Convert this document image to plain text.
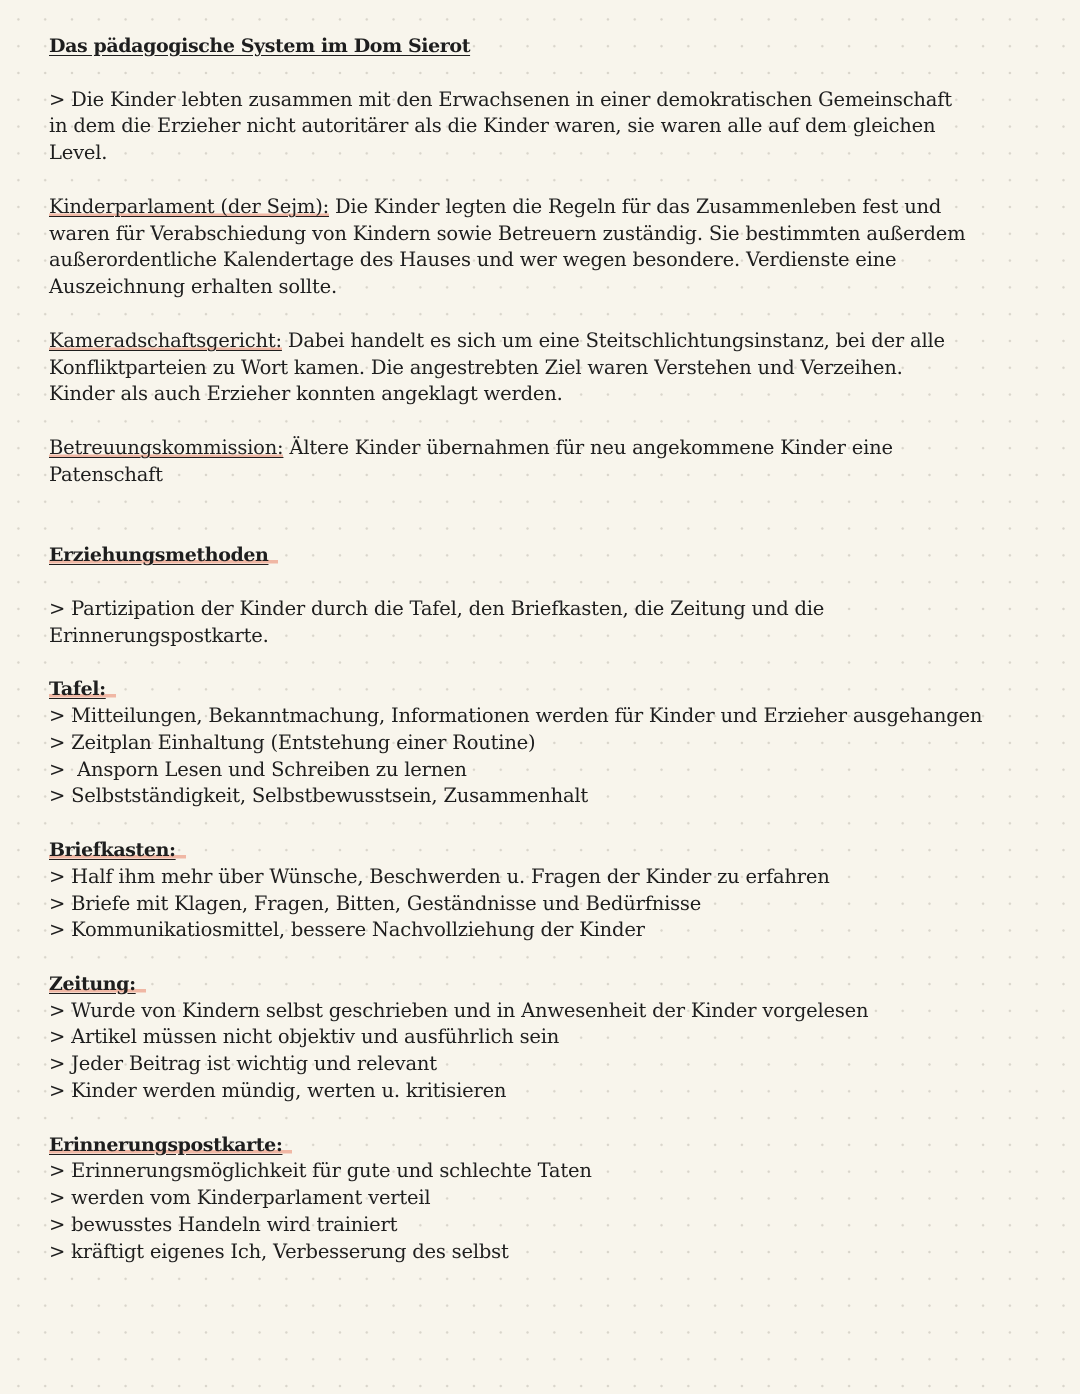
Das pädagogische System im Dom Sierot

> Die Kinder lebten zusammen mit den Erwachsenen in einer demokratischen Gemeinschaft

in dem die Erzieher nicht autoritärer als die Kinder waren, sie waren alle auf dem gleichen

Level.

Kinderparlament (der Sejm): Die Kinder legten die Regeln für das Zusammenleben fest und

waren für Verabschiedung von Kindern sowie Betreuern zuständig. Sie bestimmten außerdem

außerordentliche Kalendertage des Hauses und wer wegen besondere. Verdienste eine

Auszeichnung erhalten sollte.

Kameradschaftsgericht: Dabei handelt es sich um eine Steitschlichtungsinstanz, bei der alle

Konfliktparteien zu Wort kamen. Die angestrebten Ziel waren Verstehen und Verzeihen.

Kinder als auch Erzieher konnten angeklagt werden.

Betreuungskommission: Ältere Kinder übernahmen für neu angekommene Kinder eine

Patenschaft

Erziehungsmethoden

> Partizipation der Kinder durch die Tafel, den Briefkasten, die Zeitung und die

Erinnerungspostkarte.

Tafel:

> Mitteilungen, Bekanntmachung, Informationen werden für Kinder und Erzieher ausgehangen

> Zeitplan Einhaltung (Entstehung einer Routine)

>  Ansporn Lesen und Schreiben zu lernen

> Selbstständigkeit, Selbstbewusstsein, Zusammenhalt

Briefkasten:

> Half ihm mehr über Wünsche, Beschwerden u. Fragen der Kinder zu erfahren

> Briefe mit Klagen, Fragen, Bitten, Geständnisse und Bedürfnisse

> Kommunikatiosmittel, bessere Nachvollziehung der Kinder

Zeitung:

> Wurde von Kindern selbst geschrieben und in Anwesenheit der Kinder vorgelesen

> Artikel müssen nicht objektiv und ausführlich sein

> Jeder Beitrag ist wichtig und relevant

> Kinder werden mündig, werten u. kritisieren

Erinnerungspostkarte:

> Erinnerungsmöglichkeit für gute und schlechte Taten

> werden vom Kinderparlament verteil

> bewusstes Handeln wird trainiert

> kräftigt eigenes Ich, Verbesserung des selbst
